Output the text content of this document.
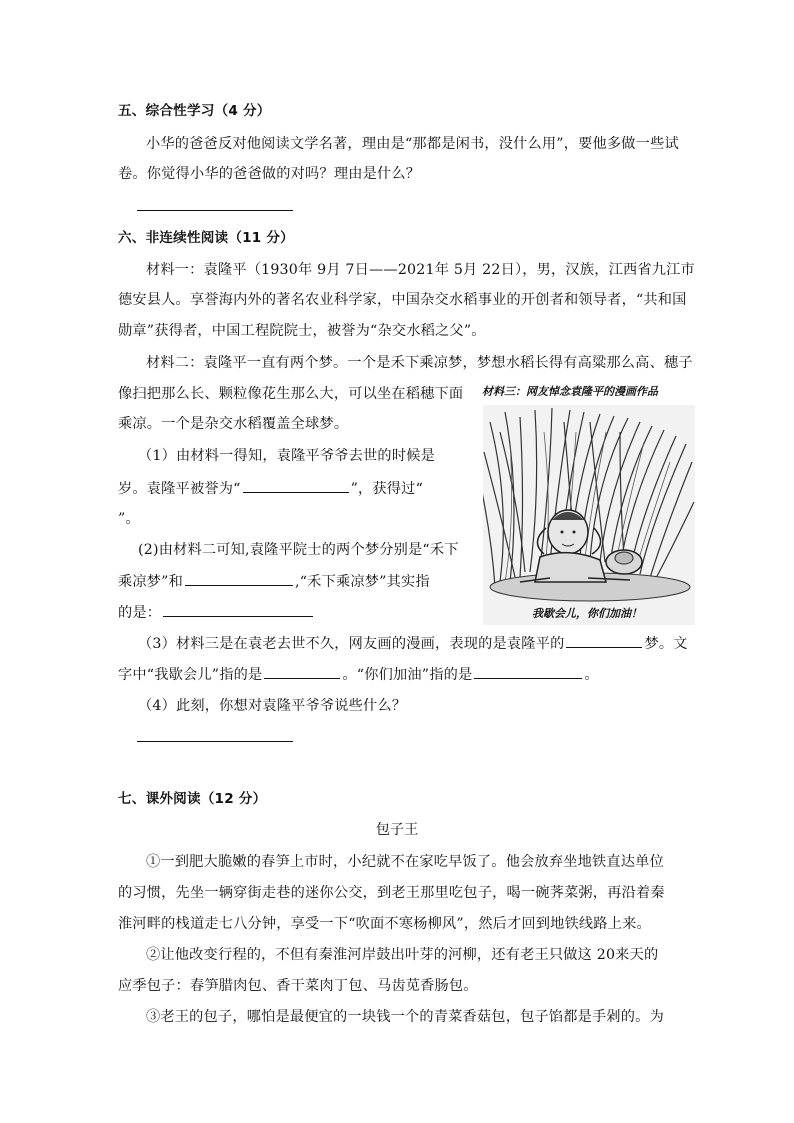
五、综合性学习（4 分）
小华的爸爸反对他阅读文学名著，理由是“那都是闲书，没什么用”，要他多做一些试
卷。你觉得小华的爸爸做的对吗？理由是什么？
六、非连续性阅读（11 分）
材料一：袁隆平（1930年 9月 7日——2021年 5月 22日），男，汉族，江西省九江市
德安县人。享誉海内外的著名农业科学家，中国杂交水稻事业的开创者和领导者，“共和国
勋章”获得者，中国工程院院士，被誉为“杂交水稻之父”。
材料二：袁隆平一直有两个梦。一个是禾下乘凉梦，梦想水稻长得有高粱那么高、穗子
像扫把那么长、颗粒像花生那么大，可以坐在稻穗下面
乘凉。一个是杂交水稻覆盖全球梦。
（1）由材料一得知，袁隆平爷爷去世的时候是
岁。袁隆平被誉为“	”，获得过“
”。
(2)由材料二可知,袁隆平院士的两个梦分别是“禾下
乘凉梦”和	,“禾下乘凉梦”其实指
的是：
（3）材料三是在袁老去世不久，网友画的漫画，表现的是袁隆平的	梦。文
字中“我歇会儿”指的是	。“你们加油”指的是	。
（4）此刻，你想对袁隆平爷爷说些什么？
材料三：网友悼念袁隆平的漫画作品
我歇会儿，你们加油！
七、课外阅读（12 分）
包子王
①一到肥大脆嫩的春笋上市时，小纪就不在家吃早饭了。他会放弃坐地铁直达单位
的习惯，先坐一辆穿街走巷的迷你公交，到老王那里吃包子，喝一碗荠菜粥，再沿着秦
淮河畔的栈道走七八分钟，享受一下“吹面不寒杨柳风”，然后才回到地铁线路上来。
②让他改变行程的，不但有秦淮河岸鼓出叶芽的河柳，还有老王只做这 20来天的
应季包子：春笋腊肉包、香干菜肉丁包、马齿苋香肠包。
③老王的包子，哪怕是最便宜的一块钱一个的青菜香菇包，包子馅都是手剁的。为
